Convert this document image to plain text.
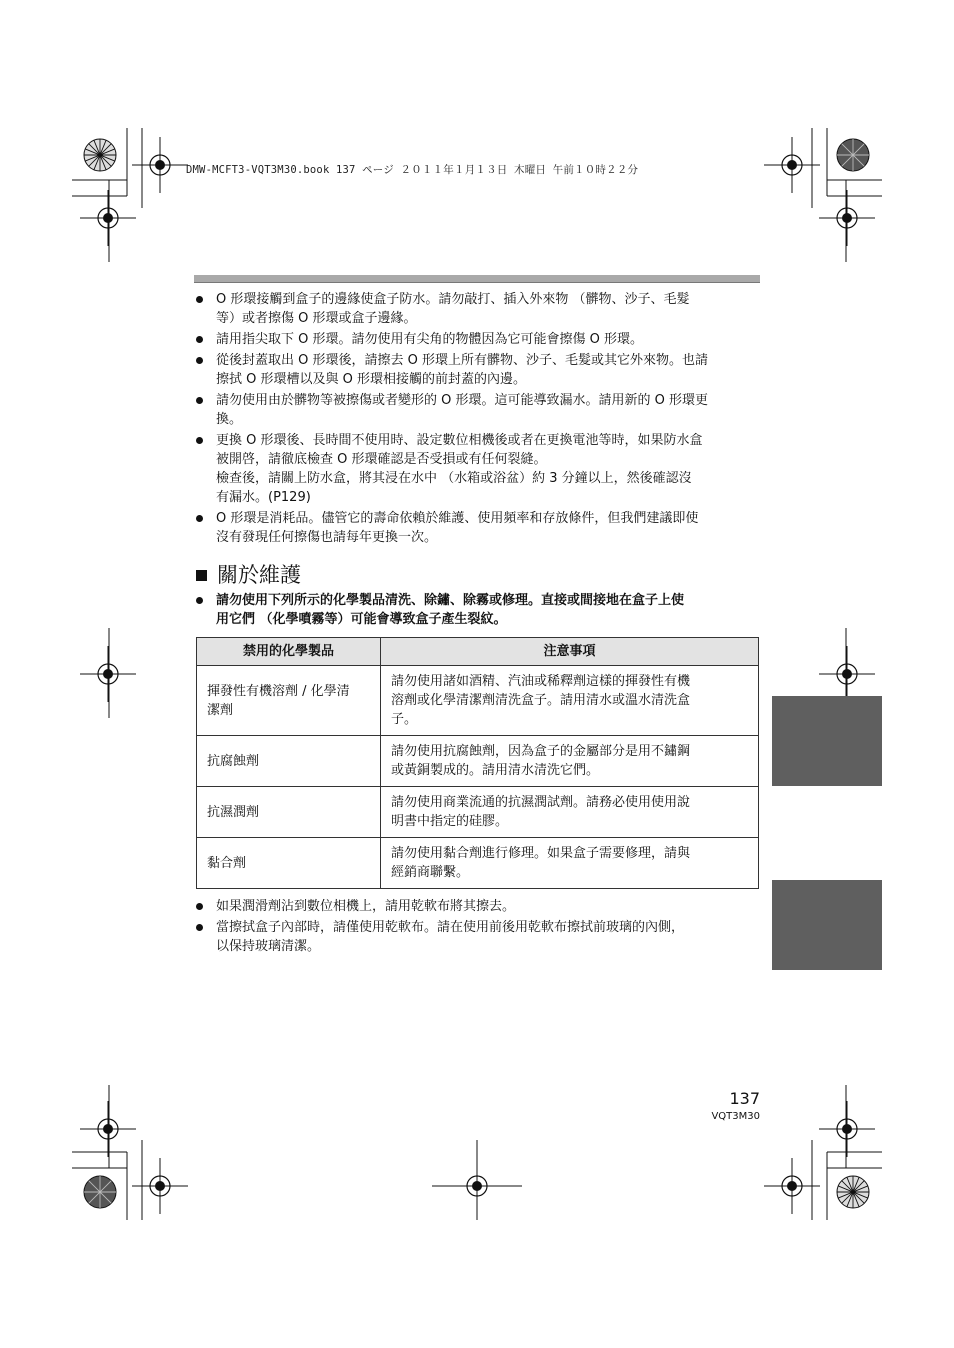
DMW-MCFT3-VQT3M30.book 137 ページ ２０１１年１月１３日 木曜日 午前１０時２２分
O 形環接觸到盒子的邊緣使盒子防水。請勿敲打、插入外來物 （髒物、沙子、毛髮
等）或者擦傷 O 形環或盒子邊緣。
請用指尖取下 O 形環。請勿使用有尖角的物體因為它可能會擦傷 O 形環。
從後封蓋取出 O 形環後，請擦去 O 形環上所有髒物、沙子、毛髮或其它外來物。也請
擦拭 O 形環槽以及與 O 形環相接觸的前封蓋的內邊。
請勿使用由於髒物等被擦傷或者變形的 O 形環。這可能導致漏水。請用新的 O 形環更
換。
更換 O 形環後、長時間不使用時、設定數位相機後或者在更換電池等時，如果防水盒
被開啓，請徹底檢查 O 形環確認是否受損或有任何裂縫。
檢查後，請關上防水盒，將其浸在水中 （水箱或浴盆）約 3 分鐘以上，然後確認沒
有漏水。(P129)
O 形環是消耗品。儘管它的壽命依賴於維護、使用頻率和存放條件，但我們建議即使
沒有發現任何擦傷也請每年更換一次。
關於維護
請勿使用下列所示的化學製品清洗、除鏽、除霧或修理。直接或間接地在盒子上使
用它們 （化學噴霧等）可能會導致盒子產生裂紋。
禁用的化學製品	注意事項

揮發性有機溶劑 / 化學清
潔劑	請勿使用諸如酒精、汽油或稀釋劑這樣的揮發性有機
溶劑或化學清潔劑清洗盒子。請用清水或溫水清洗盒
子。

抗腐蝕劑	請勿使用抗腐蝕劑，因為盒子的金屬部分是用不鏽鋼
或黃銅製成的。請用清水清洗它們。

抗濕潤劑	請勿使用商業流通的抗濕潤試劑。請務必使用使用說
明書中指定的硅膠。

黏合劑	請勿使用黏合劑進行修理。如果盒子需要修理，請與
經銷商聯繫。
如果潤滑劑沾到數位相機上，請用乾軟布將其擦去。
當擦拭盒子內部時，請僅使用乾軟布。請在使用前後用乾軟布擦拭前玻璃的內側，
以保持玻璃清潔。
137
VQT3M30
